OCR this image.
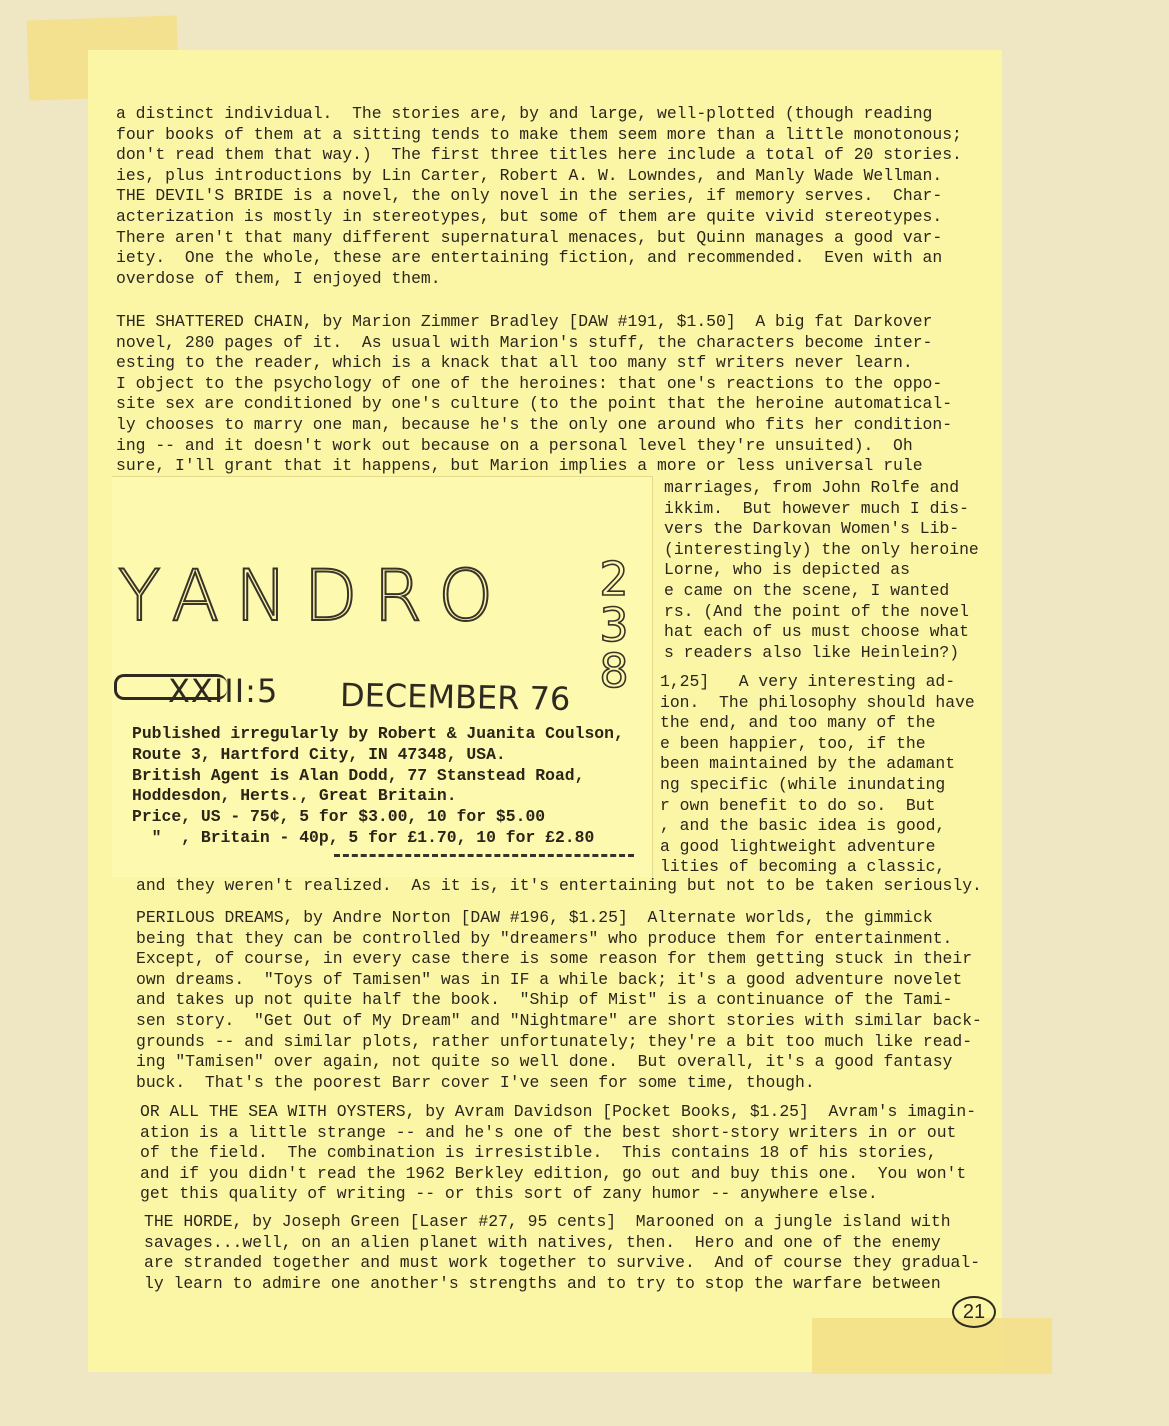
a distinct individual.  The stories are, by and large, well-plotted (though reading
four books of them at a sitting tends to make them seem more than a little monotonous;
don't read them that way.)  The first three titles here include a total of 20 stories.
ies, plus introductions by Lin Carter, Robert A. W. Lowndes, and Manly Wade Wellman.
THE DEVIL'S BRIDE is a novel, the only novel in the series, if memory serves.  Char-
acterization is mostly in stereotypes, but some of them are quite vivid stereotypes.
There aren't that many different supernatural menaces, but Quinn manages a good var-
iety.  One the whole, these are entertaining fiction, and recommended.  Even with an
overdose of them, I enjoyed them.
THE SHATTERED CHAIN, by Marion Zimmer Bradley [DAW #191, $1.50]  A big fat Darkover
novel, 280 pages of it.  As usual with Marion's stuff, the characters become inter-
esting to the reader, which is a knack that all too many stf writers never learn.
I object to the psychology of one of the heroines: that one's reactions to the oppo-
site sex are conditioned by one's culture (to the point that the heroine automatical-
ly chooses to marry one man, because he's the only one around who fits her condition-
ing -- and it doesn't work out because on a personal level they're unsuited).  Oh
sure, I'll grant that it happens, but Marion implies a more or less universal rule
marriages, from John Rolfe and
ikkim.  But however much I dis-
vers the Darkovan Women's Lib-
(interestingly) the only heroine
Lorne, who is depicted as
e came on the scene, I wanted
rs. (And the point of the novel
hat each of us must choose what
s readers also like Heinlein?)
1,25]   A very interesting ad-
ion.  The philosophy should have
the end, and too many of the
e been happier, too, if the
been maintained by the adamant
ng specific (while inundating
r own benefit to do so.  But
, and the basic idea is good,
a good lightweight adventure
lities of becoming a classic,
YANDRO	2
3
8
XXIII:5 DECEMBER 76
Published irregularly by Robert & Juanita Coulson,
Route 3, Hartford City, IN 47348, USA.
British Agent is Alan Dodd, 77 Stanstead Road,
Hoddesdon, Herts., Great Britain.
Price, US - 75¢, 5 for $3.00, 10 for $5.00
"  , Britain - 40p, 5 for £1.70, 10 for £2.80
and they weren't realized.  As it is, it's entertaining but not to be taken seriously.
PERILOUS DREAMS, by Andre Norton [DAW #196, $1.25]  Alternate worlds, the gimmick
being that they can be controlled by "dreamers" who produce them for entertainment.
Except, of course, in every case there is some reason for them getting stuck in their
own dreams.  "Toys of Tamisen" was in IF a while back; it's a good adventure novelet
and takes up not quite half the book.  "Ship of Mist" is a continuance of the Tami-
sen story.  "Get Out of My Dream" and "Nightmare" are short stories with similar back-
grounds -- and similar plots, rather unfortunately; they're a bit too much like read-
ing "Tamisen" over again, not quite so well done.  But overall, it's a good fantasy
buck.  That's the poorest Barr cover I've seen for some time, though.
OR ALL THE SEA WITH OYSTERS, by Avram Davidson [Pocket Books, $1.25]  Avram's imagin-
ation is a little strange -- and he's one of the best short-story writers in or out
of the field.  The combination is irresistible.  This contains 18 of his stories,
and if you didn't read the 1962 Berkley edition, go out and buy this one.  You won't
get this quality of writing -- or this sort of zany humor -- anywhere else.
THE HORDE, by Joseph Green [Laser #27, 95 cents]  Marooned on a jungle island with
savages...well, on an alien planet with natives, then.  Hero and one of the enemy
are stranded together and must work together to survive.  And of course they gradual-
ly learn to admire one another's strengths and to try to stop the warfare between
21
